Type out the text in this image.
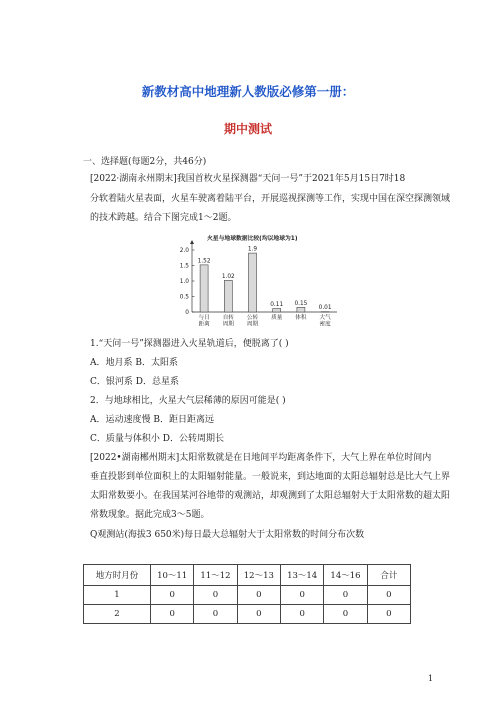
新教材高中地理新人教版必修第一册：
期中测试
一、选择题(每题2分，共46分)
[2022·湖南永州期末]我国首枚火星探测器“天问一号”于2021年5月15日7时18
分软着陆火星表面，火星车驶离着陆平台，开展巡视探测等工作，实现中国在深空探测领域
的技术跨越。结合下图完成1～2题。
火星与地球数据比较(均以地球为1)
0
0.5
1.0
1.5
2.0
1.52
与日
距离
1.02
自转
周期
1.9
公转
周期
0.11
质量
0.15
体积
0.01
大气
密度
1.“天问一号”探测器进入火星轨道后，便脱离了( )
A．地月系 B．太阳系
C．银河系 D．总星系
2．与地球相比，火星大气层稀薄的原因可能是( )
A．运动速度慢 B．距日距离远
C．质量与体积小 D．公转周期长
[2022•湖南郴州期末]太阳常数就是在日地间平均距离条件下，大气上界在单位时间内
垂直投影到单位面积上的太阳辐射能量。一般说来，到达地面的太阳总辐射总是比大气上界
太阳常数要小。在我国某河谷地带的观测站，却观测到了太阳总辐射大于太阳常数的超太阳
常数现象。据此完成3～5题。
Q观测站(海拔3 650米)每日最大总辐射大于太阳常数的时间分布次数
地方时月份	10～11	11～12	12～13	13～14	14～16	合计
1	0	0	0	0	0	0
2	0	0	0	0	0	0
1
